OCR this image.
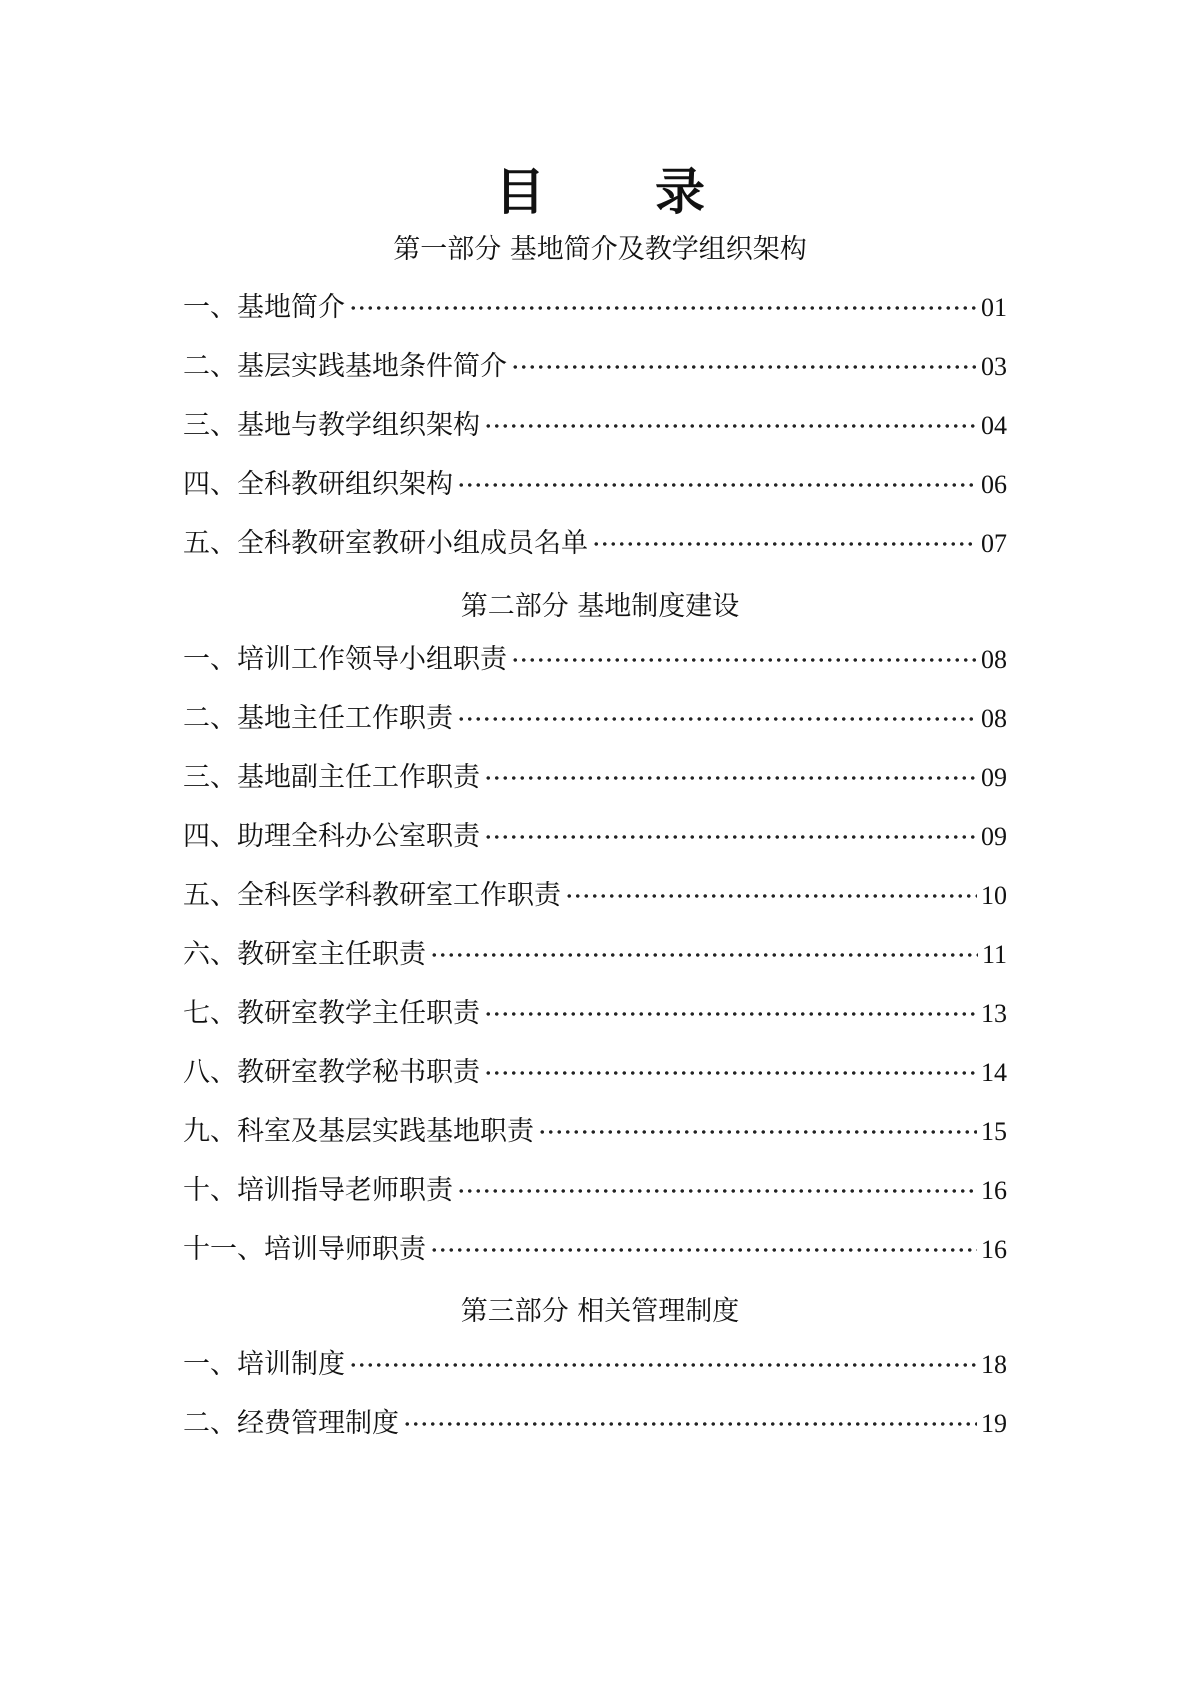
目 录
第一部分 基地简介及教学组织架构
一、基地简介	01
二、基层实践基地条件简介	03
三、基地与教学组织架构	04
四、全科教研组织架构	06
五、全科教研室教研小组成员名单	07
第二部分 基地制度建设
一、培训工作领导小组职责	08
二、基地主任工作职责	08
三、基地副主任工作职责	09
四、助理全科办公室职责	09
五、全科医学科教研室工作职责	10
六、教研室主任职责	11
七、教研室教学主任职责	13
八、教研室教学秘书职责	14
九、科室及基层实践基地职责	15
十、培训指导老师职责	16
十一、培训导师职责	16
第三部分 相关管理制度
一、培训制度	18
二、经费管理制度	19
